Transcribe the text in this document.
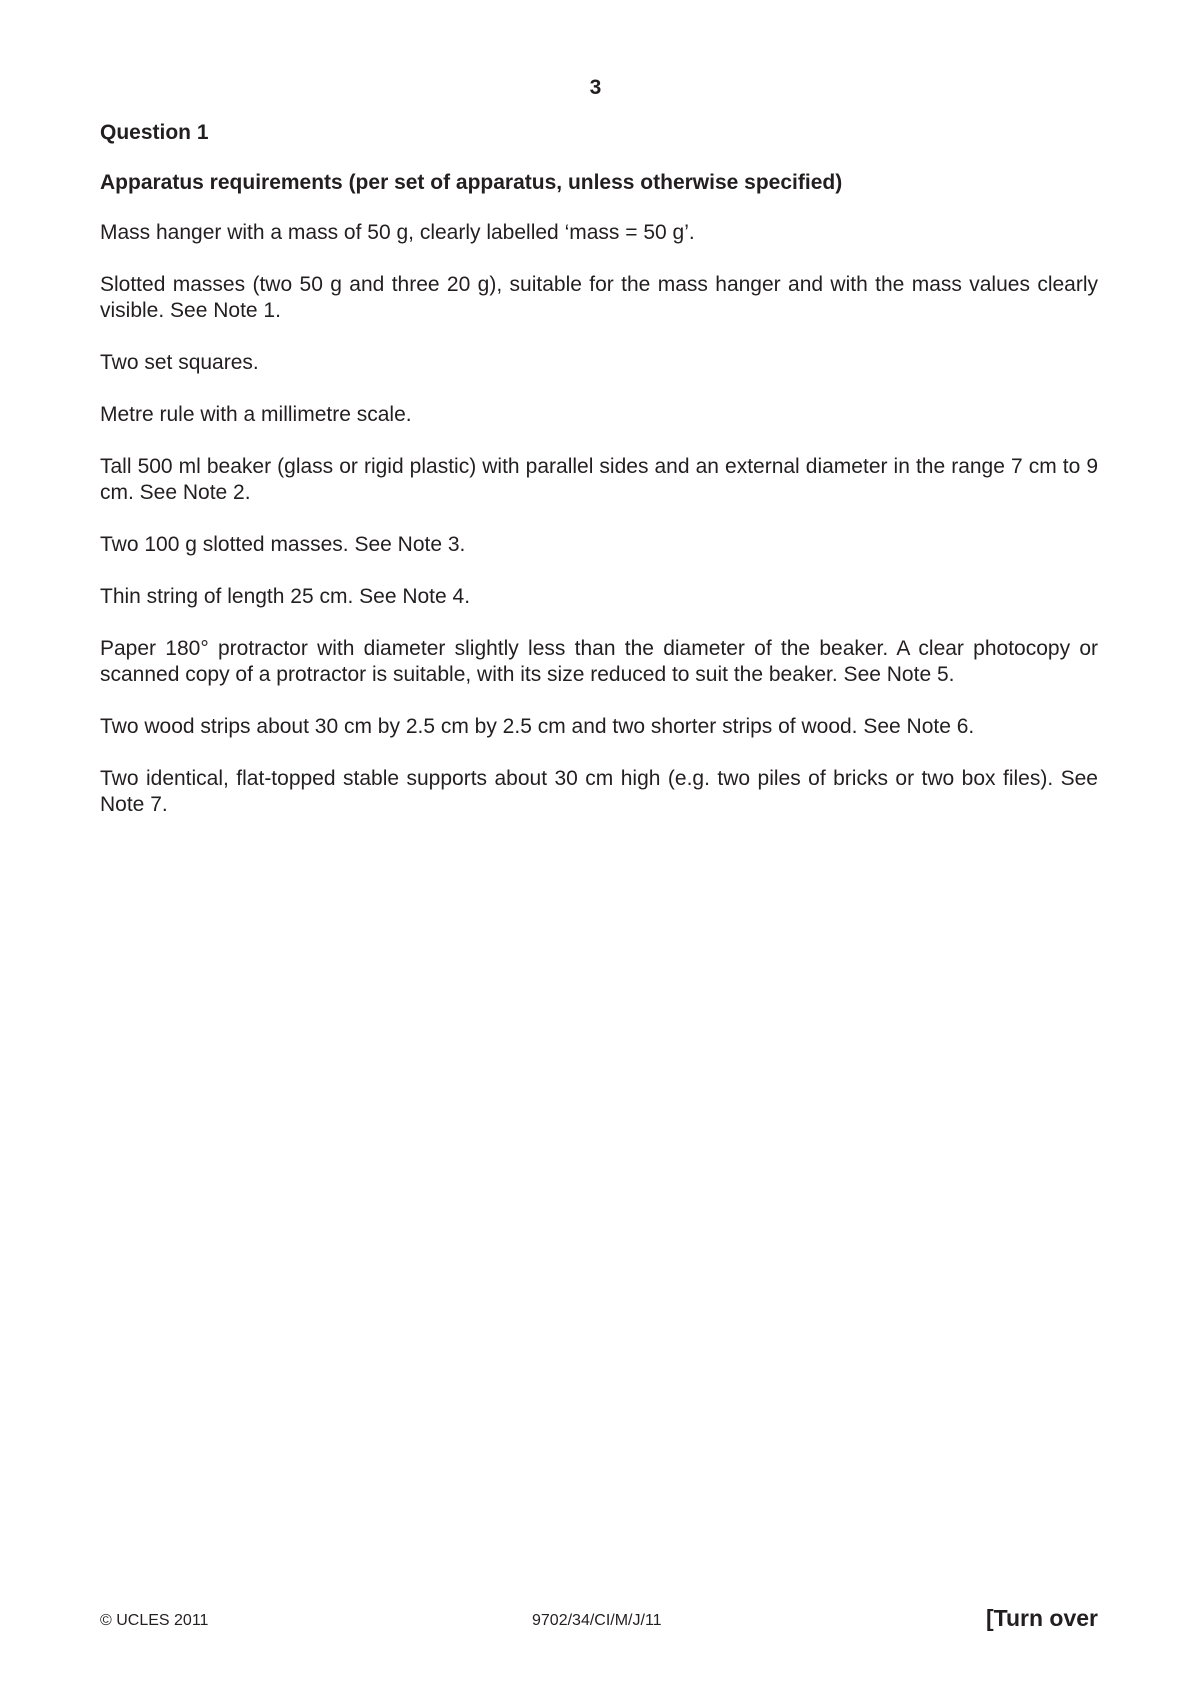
3
Question 1
Apparatus requirements (per set of apparatus, unless otherwise specified)

Mass hanger with a mass of 50 g, clearly labelled ‘mass = 50 g’.

Slotted masses (two 50 g and three 20 g), suitable for the mass hanger and with the mass values clearly visible. See Note 1.

Two set squares.

Metre rule with a millimetre scale.

Tall 500 ml beaker (glass or rigid plastic) with parallel sides and an external diameter in the range 7 cm to 9 cm. See Note 2.

Two 100 g slotted masses. See Note 3.

Thin string of length 25 cm. See Note 4.

Paper 180° protractor with diameter slightly less than the diameter of the beaker. A clear photocopy or scanned copy of a protractor is suitable, with its size reduced to suit the beaker. See Note 5.

Two wood strips about 30 cm by 2.5 cm by 2.5 cm and two shorter strips of wood. See Note 6.

Two identical, flat-topped stable supports about 30 cm high (e.g. two piles of bricks or two box files). See Note 7.

© UCLES 2011	9702/34/CI/M/J/11	[Turn over
